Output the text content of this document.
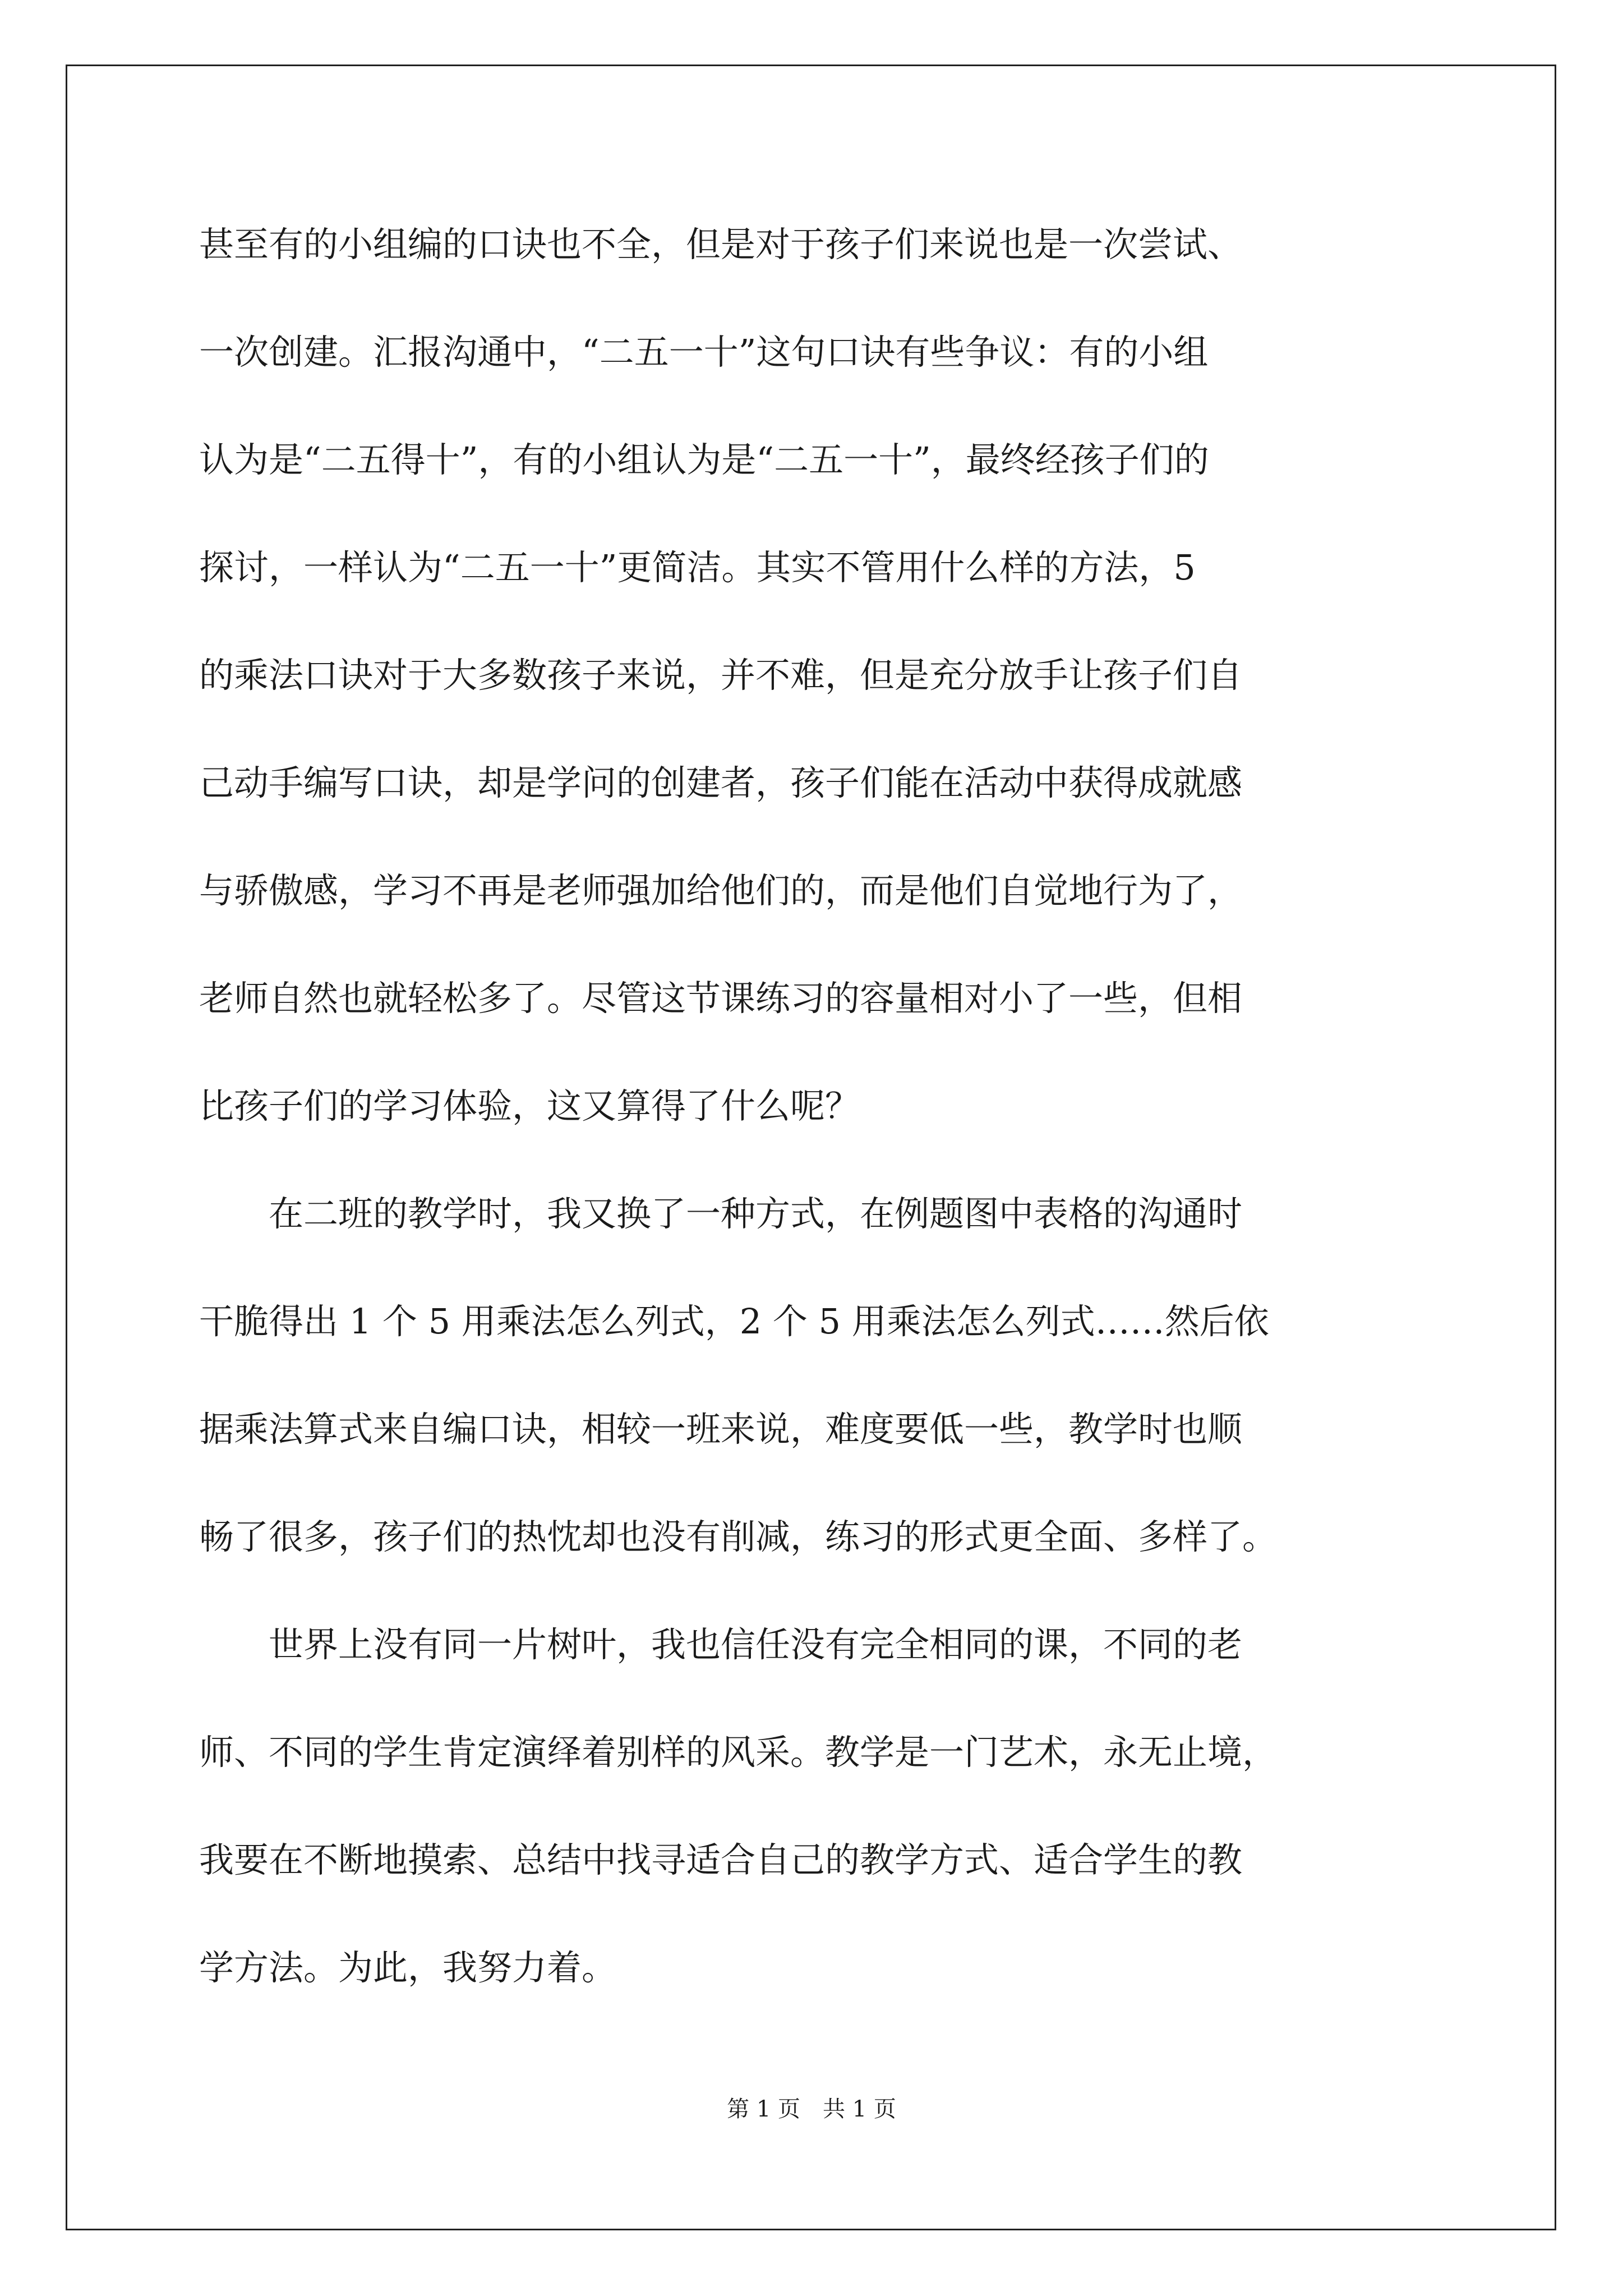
甚至有的小组编的口诀也不全，但是对于孩子们来说也是一次尝试、
一次创建。汇报沟通中，“二五一十”这句口诀有些争议：有的小组
认为是“二五得十”，有的小组认为是“二五一十”，最终经孩子们的
探讨，一样认为“二五一十”更简洁。其实不管用什么样的方法，5
的乘法口诀对于大多数孩子来说，并不难，但是充分放手让孩子们自
己动手编写口诀，却是学问的创建者，孩子们能在活动中获得成就感
与骄傲感，学习不再是老师强加给他们的，而是他们自觉地行为了，
老师自然也就轻松多了。尽管这节课练习的容量相对小了一些，但相
比孩子们的学习体验，这又算得了什么呢？
　　在二班的教学时，我又换了一种方式，在例题图中表格的沟通时
干脆得出 1 个 5 用乘法怎么列式，2 个 5 用乘法怎么列式……然后依
据乘法算式来自编口诀，相较一班来说，难度要低一些，教学时也顺
畅了很多，孩子们的热忱却也没有削减，练习的形式更全面、多样了。
　　世界上没有同一片树叶，我也信任没有完全相同的课，不同的老
师、不同的学生肯定演绎着别样的风采。教学是一门艺术，永无止境，
我要在不断地摸索、总结中找寻适合自己的教学方式、适合学生的教
学方法。为此，我努力着。
第 1 页　共 1 页
